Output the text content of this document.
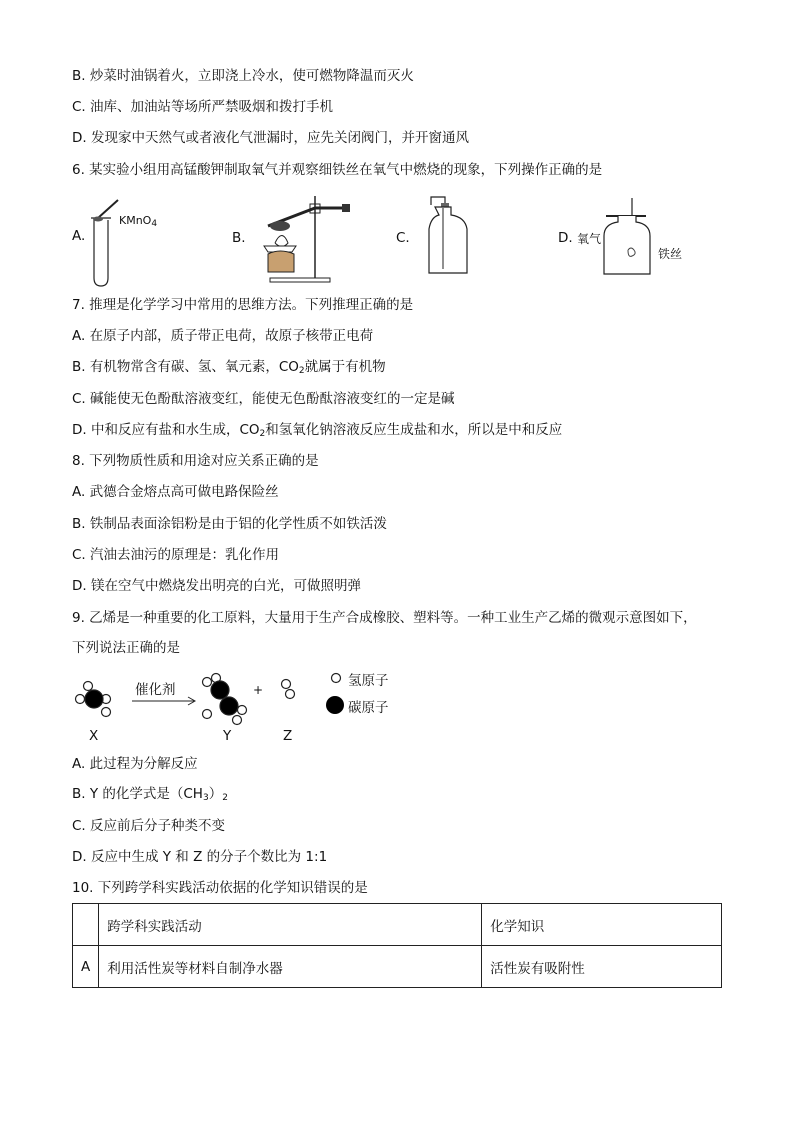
B. 炒菜时油锅着火，立即浇上冷水，使可燃物降温而灭火
C. 油库、加油站等场所严禁吸烟和拨打手机
D. 发现家中天然气或者液化气泄漏时，应先关闭阀门，并开窗通风
6. 某实验小组用高锰酸钾制取氧气并观察细铁丝在氧气中燃烧的现象，下列操作正确的是
A.
KMnO$_4$
B.	C.	D. 氧气
铁丝
7. 推理是化学学习中常用的思维方法。下列推理正确的是
A. 在原子内部，质子带正电荷，故原子核带正电荷
B. 有机物常含有碳、氢、氧元素，$CO_2$就属于有机物
C. 碱能使无色酚酞溶液变红，能使无色酚酞溶液变红的一定是碱
D. 中和反应有盐和水生成，$CO_2$和氢氧化钠溶液反应生成盐和水，所以是中和反应
8. 下列物质性质和用途对应关系正确的是
A. 武德合金熔点高可做电路保险丝
B. 铁制品表面涂铝粉是由于铝的化学性质不如铁活泼
C. 汽油去油污的原理是：乳化作用
D. 镁在空气中燃烧发出明亮的白光，可做照明弹
9. 乙烯是一种重要的化工原料，大量用于生产合成橡胶、塑料等。一种工业生产乙烯的微观示意图如下，
下列说法正确的是
催化剂	+
X	Y	Z
氢原子
碳原子
A. 此过程为分解反应
B. Y 的化学式是$(CH_3)_2$
C. 反应前后分子种类不变
D. 反应中生成 Y 和 Z 的分子个数比为 1:1
10. 下列跨学科实践活动依据的化学知识错误的是
	跨学科实践活动	化学知识
A	利用活性炭等材料自制净水器	活性炭有吸附性
